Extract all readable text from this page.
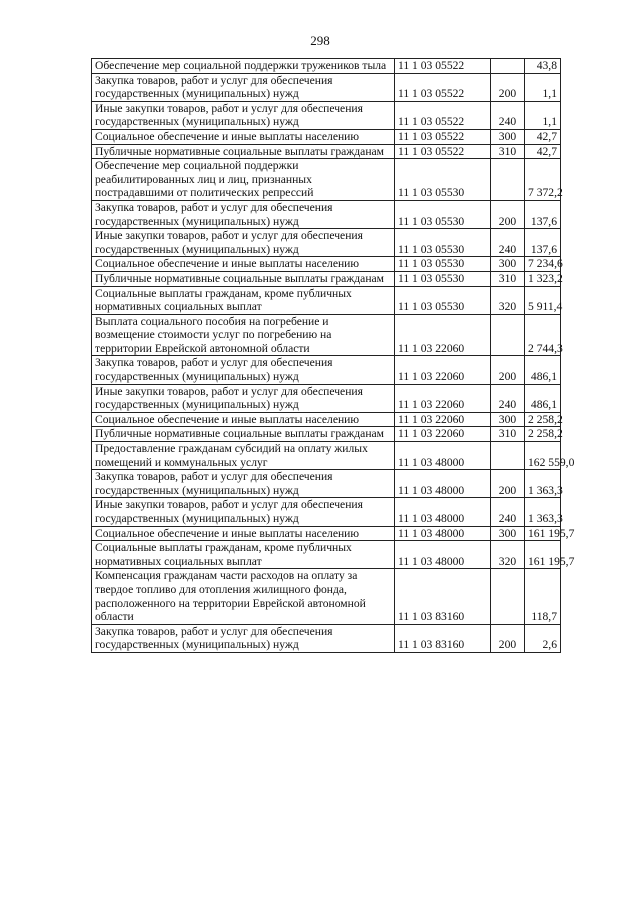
298
Обеспечение мер социальной поддержки тружеников тыла	11 1 03 05522		43,8
Закупка товаров, работ и услуг для обеспечения государственных (муниципальных) нужд	11 1 03 05522	200	1,1
Иные закупки товаров, работ и услуг для обеспечения государственных (муниципальных) нужд	11 1 03 05522	240	1,1
Социальное обеспечение и иные выплаты населению	11 1 03 05522	300	42,7
Публичные нормативные социальные выплаты гражданам	11 1 03 05522	310	42,7
Обеспечение мер социальной поддержки реабилитированных лиц и лиц, признанных пострадавшими от политических репрессий	11 1 03 05530		7 372,2
Закупка товаров, работ и услуг для обеспечения государственных (муниципальных) нужд	11 1 03 05530	200	137,6
Иные закупки товаров, работ и услуг для обеспечения государственных (муниципальных) нужд	11 1 03 05530	240	137,6
Социальное обеспечение и иные выплаты населению	11 1 03 05530	300	7 234,6
Публичные нормативные социальные выплаты гражданам	11 1 03 05530	310	1 323,2
Социальные выплаты гражданам, кроме публичных нормативных социальных выплат	11 1 03 05530	320	5 911,4
Выплата социального пособия на погребение и возмещение стоимости услуг по погребению на территории Еврейской автономной области	11 1 03 22060		2 744,3
Закупка товаров, работ и услуг для обеспечения государственных (муниципальных) нужд	11 1 03 22060	200	486,1
Иные закупки товаров, работ и услуг для обеспечения государственных (муниципальных) нужд	11 1 03 22060	240	486,1
Социальное обеспечение и иные выплаты населению	11 1 03 22060	300	2 258,2
Публичные нормативные социальные выплаты гражданам	11 1 03 22060	310	2 258,2
Предоставление гражданам субсидий на оплату жилых помещений и коммунальных услуг	11 1 03 48000		162 559,0
Закупка товаров, работ и услуг для обеспечения государственных (муниципальных) нужд	11 1 03 48000	200	1 363,3
Иные закупки товаров, работ и услуг для обеспечения государственных (муниципальных) нужд	11 1 03 48000	240	1 363,3
Социальное обеспечение и иные выплаты населению	11 1 03 48000	300	161 195,7
Социальные выплаты гражданам, кроме публичных нормативных социальных выплат	11 1 03 48000	320	161 195,7
Компенсация гражданам части расходов на оплату за твердое топливо для отопления жилищного фонда, расположенного на территории Еврейской автономной области	11 1 03 83160		118,7
Закупка товаров, работ и услуг для обеспечения государственных (муниципальных) нужд	11 1 03 83160	200	2,6
